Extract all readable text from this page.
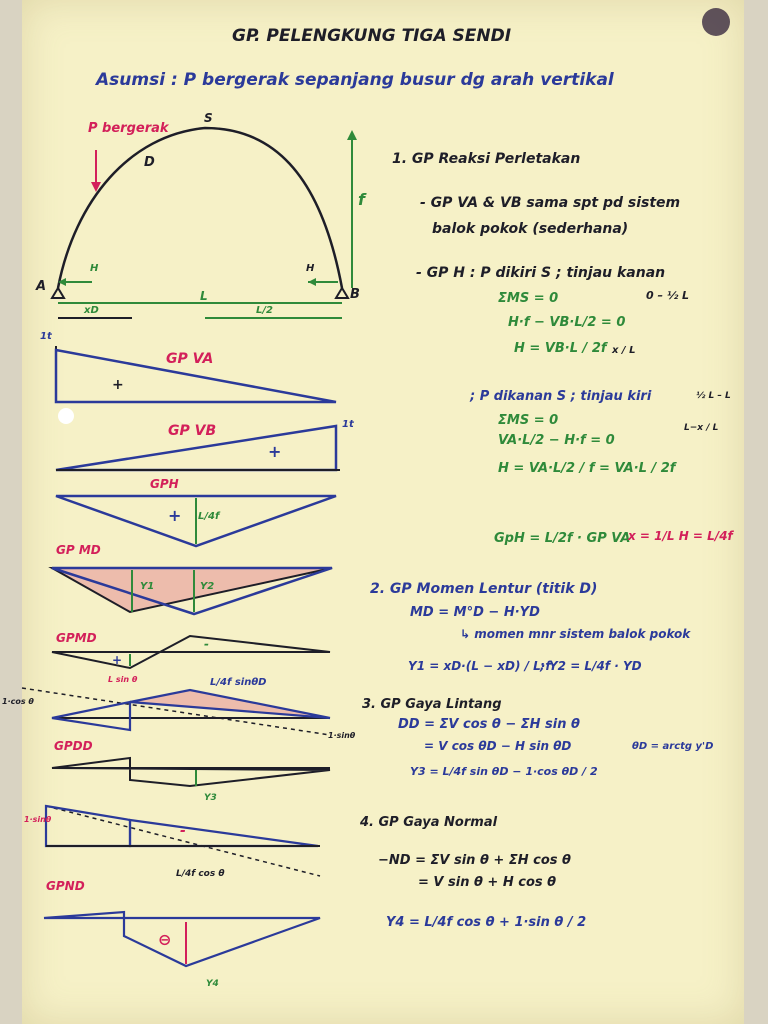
GP. PELENGKUNG TIGA SENDI
Asumsi : P bergerak sepanjang busur dg arah vertikal
P bergerak
S
D
f
A
B
H	H
L
xD	L/2
1t
GP VA
+
GP VB	1t
+
GPH
+ L/4f
GP MD
Y1	Y2
GPMD
+
-
1·cos θ
L sin θ	L/4f sinθD
1·sinθ
GPDD
Y3
1·sinθ
GPND
L/4f cos θ
-
⊖
Y4
1. GP Reaksi Perletakan
- GP VA & VB sama spt pd sistem
balok pokok (sederhana)
- GP H : P dikiri S ; tinjau kanan
0 – ½ L
ΣMS = 0
H·f − VB·L/2 = 0
H = VB·L / 2f x / L
; P dikanan S ; tinjau kiri	½ L – L
ΣMS = 0
VA·L/2 − H·f = 0
H = VA·L/2 / f = VA·L / 2f
L−x / L
GpH = L/2f · GP VA
x = 1/L H = L/4f
2. GP Momen Lentur (titik D)
MD = M°D − H·YD
↳ momen mnr sistem balok pokok
Y1 = xD·(L − xD) / L·f
; Y2 = L/4f · YD
3. GP Gaya Lintang
DD = ΣV cos θ − ΣH sin θ
= V cos θD − H sin θD	θD = arctg y'D
Y3 = L/4f sin θD − 1·cos θD / 2
4. GP Gaya Normal
−ND = ΣV sin θ + ΣH cos θ
= V sin θ + H cos θ
Y4 = L/4f cos θ + 1·sin θ / 2
